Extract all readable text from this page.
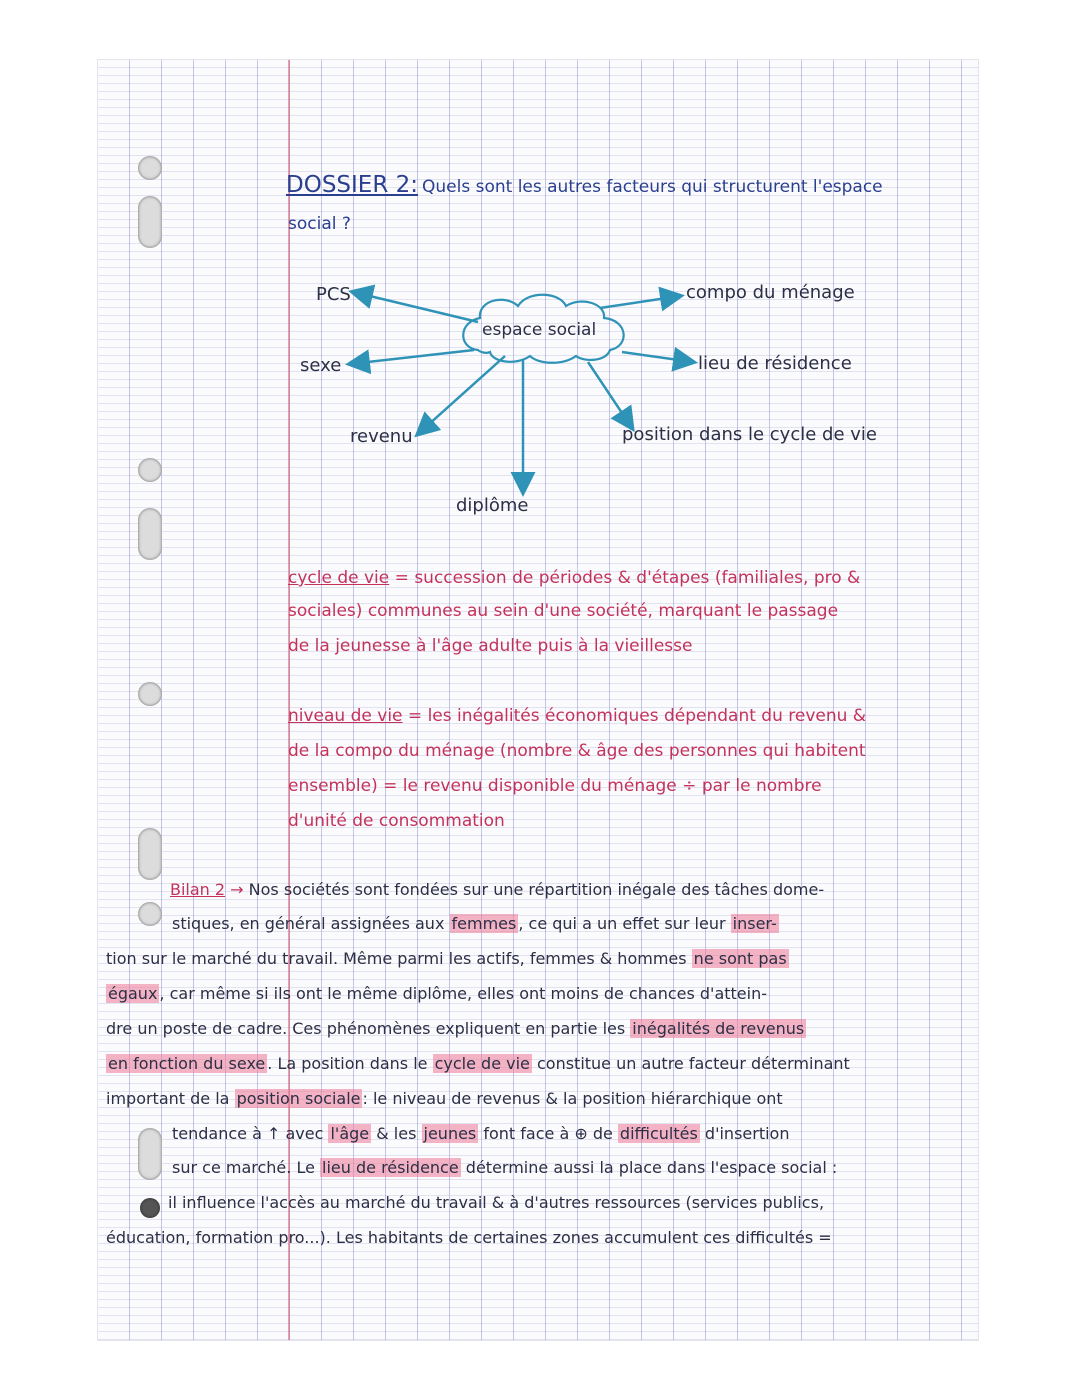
DOSSIER 2: Quels sont les autres facteurs qui structurent l'espace
social ?
espace social
PCS
sexe
revenu
diplôme
compo du ménage
lieu de résidence
position dans le cycle de vie
cycle de vie = succession de périodes & d'étapes (familiales, pro &
sociales) communes au sein d'une société, marquant le passage
de la jeunesse à l'âge adulte puis à la vieillesse
niveau de vie = les inégalités économiques dépendant du revenu &
de la compo du ménage (nombre & âge des personnes qui habitent
ensemble) = le revenu disponible du ménage ÷ par le nombre
d'unité de consommation
Bilan 2 → Nos sociétés sont fondées sur une répartition inégale des tâches dome-
stiques, en général assignées aux femmes , ce qui a un effet sur leur inser-
tion sur le marché du travail. Même parmi les actifs, femmes & hommes ne sont pas
égaux , car même si ils ont le même diplôme, elles ont moins de chances d'attein-
dre un poste de cadre. Ces phénomènes expliquent en partie les inégalités de revenus
en fonction du sexe . La position dans le cycle de vie constitue un autre facteur déterminant
important de la position sociale : le niveau de revenus & la position hiérarchique ont
tendance à ↑ avec l'âge & les jeunes font face à ⊕ de difficultés d'insertion
sur ce marché. Le lieu de résidence détermine aussi la place dans l'espace social :
il influence l'accès au marché du travail & à d'autres ressources (services publics,
éducation, formation pro...). Les habitants de certaines zones accumulent ces difficultés =
